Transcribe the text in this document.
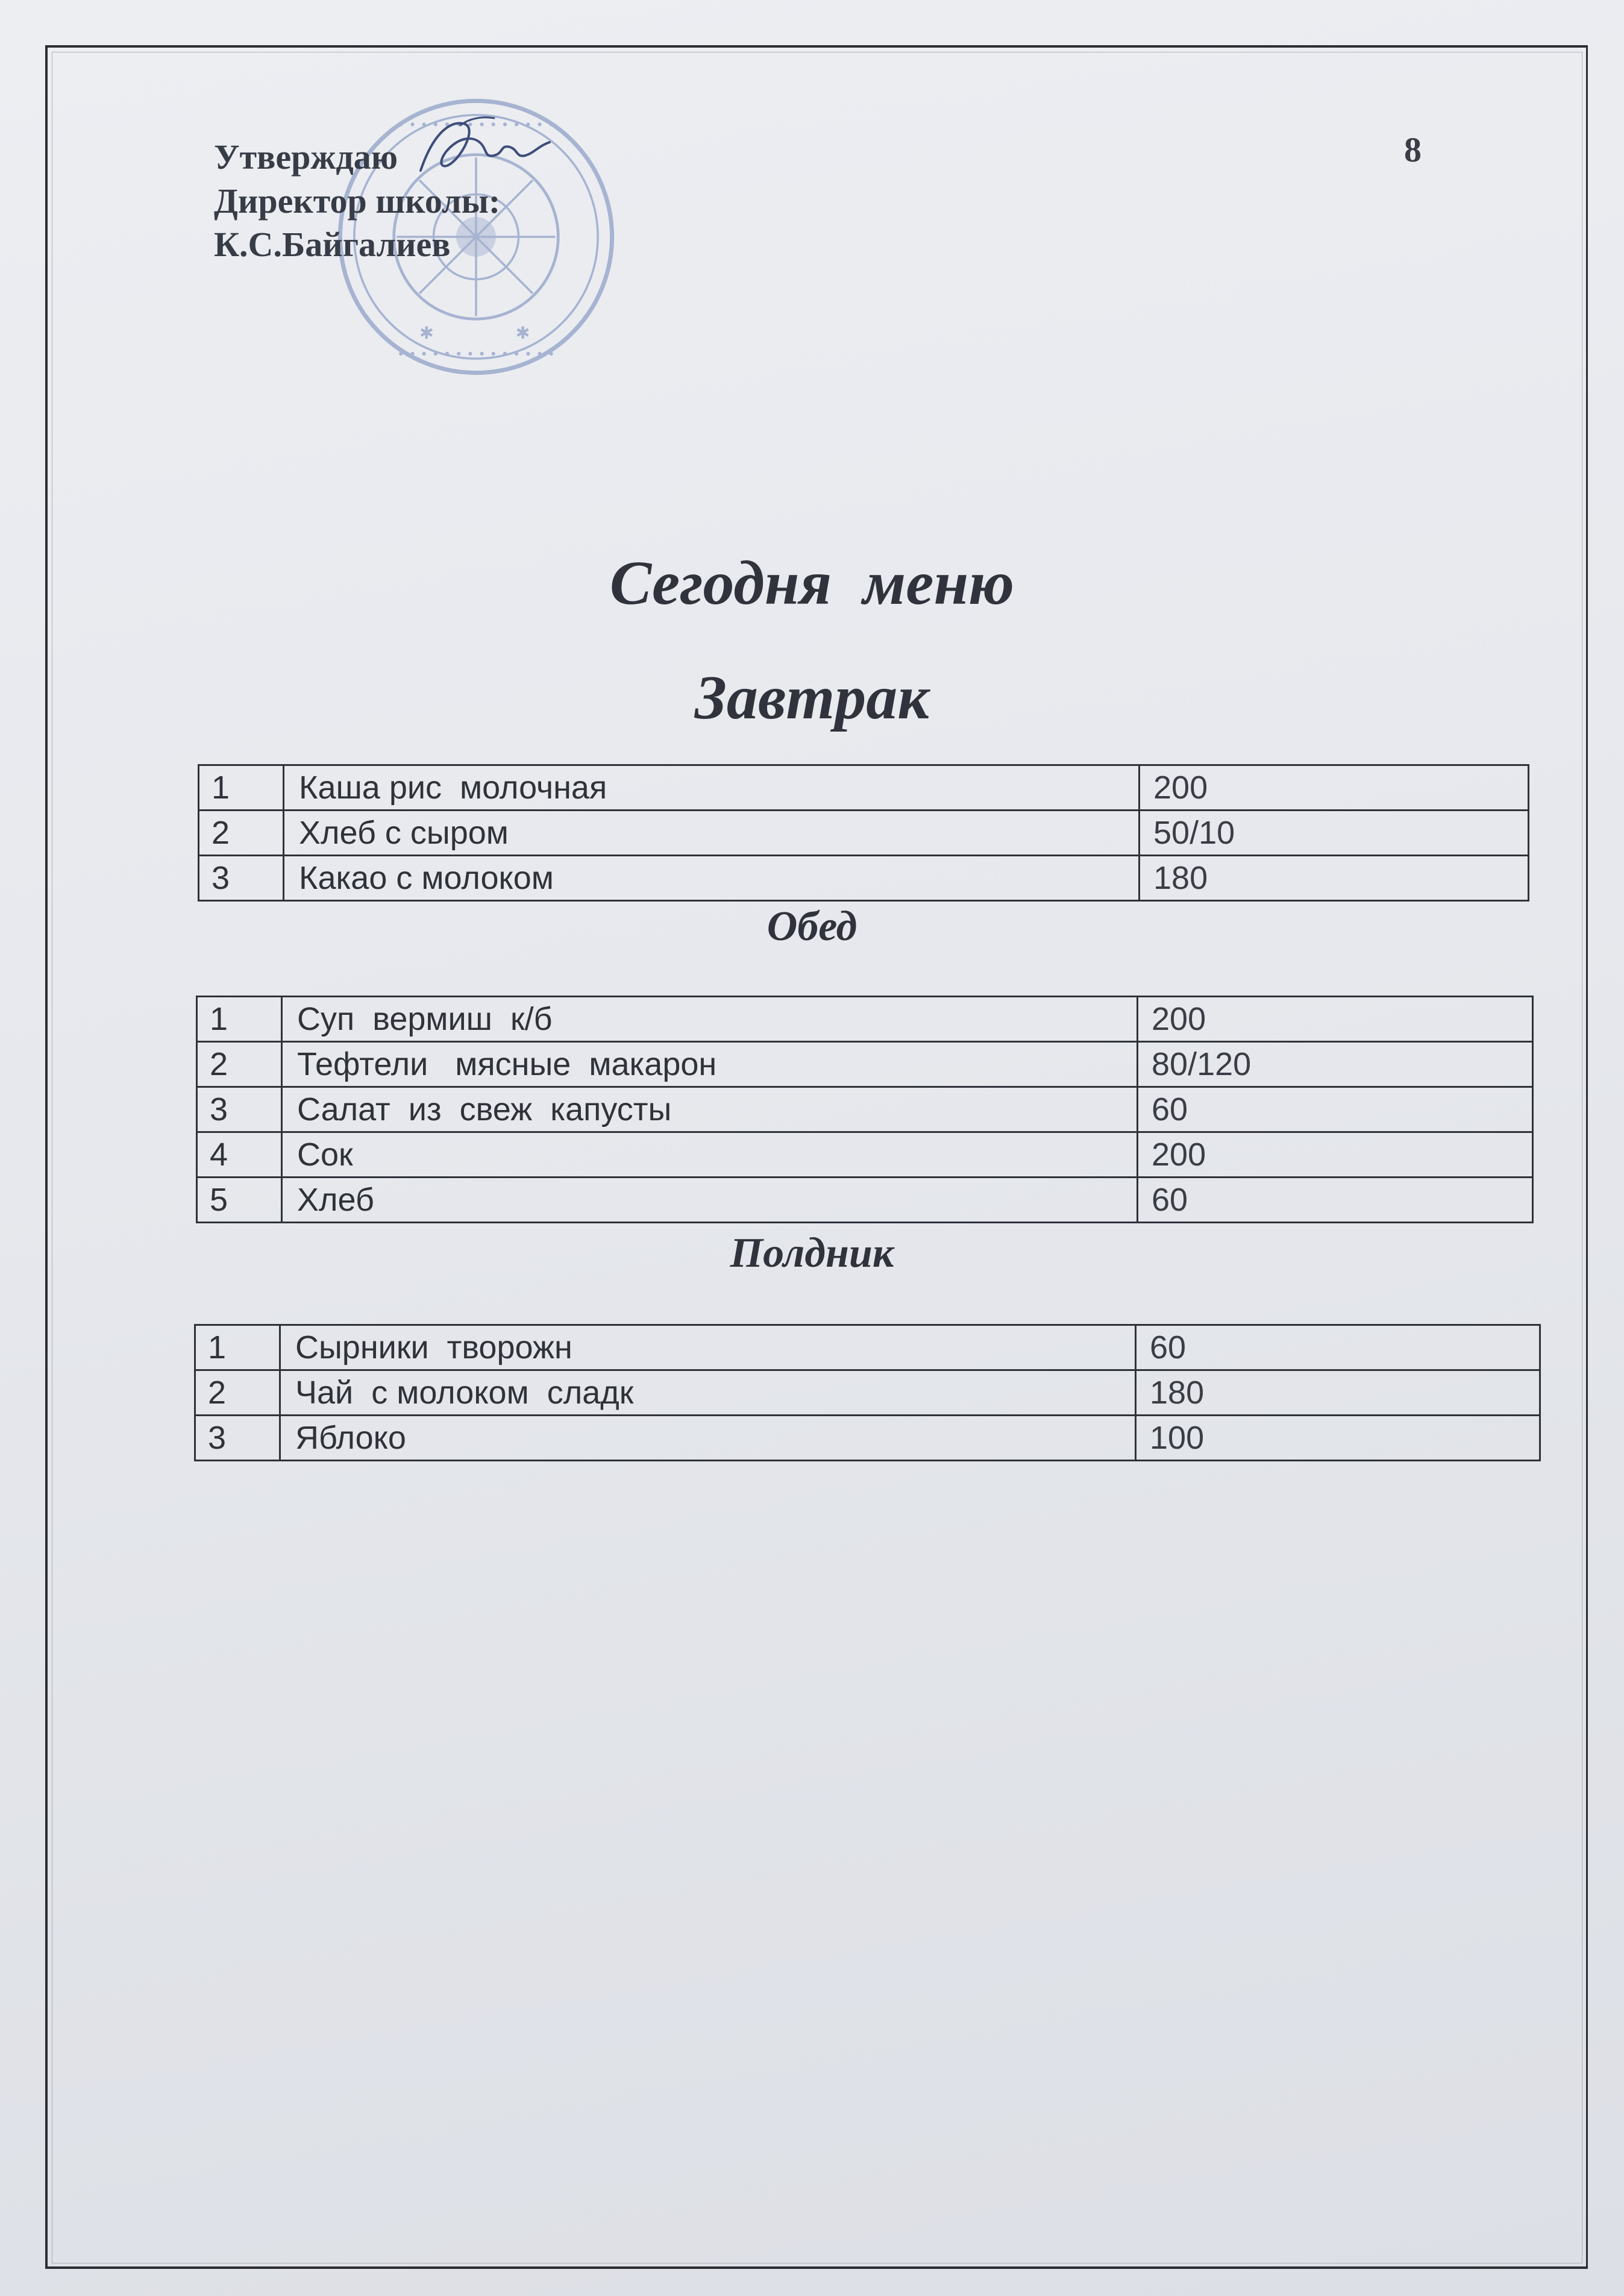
• • • • • • • • • • • • • •
• • • • • • • • • • • • • •
✱	✱
Утверждаю
Директор школы:
К.С.Байгалиев
8
Сегодня  меню
Завтрак
1	Каша рис  молочная	200
2	Хлеб с сыром	50/10
3	Какао с молоком	180
Обед
1	Суп  вермиш  к/б	200
2	Тефтели   мясные  макарон	80/120
3	Салат  из  свеж  капусты	60
4	Сок	200
5	Хлеб	60
Полдник
1	Сырники  творожн	60
2	Чай  с молоком  сладк	180
3	Яблоко	100
